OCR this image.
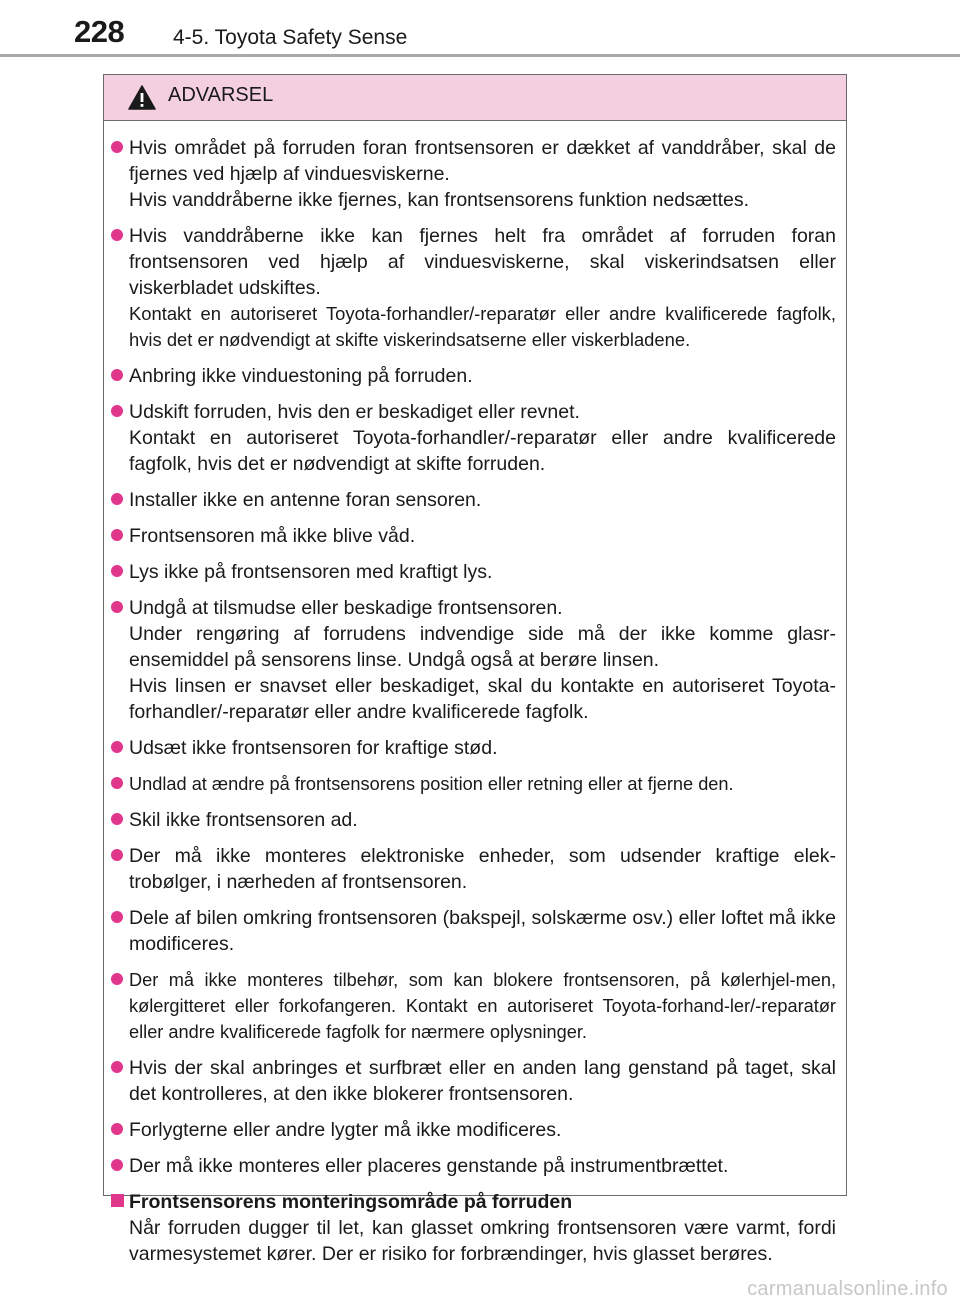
228 4-5. Toyota Safety Sense
ADVARSEL
Hvis området på forruden foran frontsensoren er dækket af vanddråber, skal de fjernes ved hjælp af vinduesviskerne.
Hvis vanddråberne ikke fjernes, kan frontsensorens funktion nedsættes.
Hvis vanddråberne ikke kan fjernes helt fra området af forruden foran frontsensoren ved hjælp af vinduesviskerne, skal viskerindsatsen eller viskerbladet udskiftes.
Kontakt en autoriseret Toyota-forhandler/-reparatør eller andre kvalificerede fagfolk, hvis det er nødvendigt at skifte viskerindsatserne eller viskerbladene.
Anbring ikke vinduestoning på forruden.
Udskift forruden, hvis den er beskadiget eller revnet.
Kontakt en autoriseret Toyota-forhandler/-reparatør eller andre kvalificerede fagfolk, hvis det er nødvendigt at skifte forruden.
Installer ikke en antenne foran sensoren.
Frontsensoren må ikke blive våd.
Lys ikke på frontsensoren med kraftigt lys.
Undgå at tilsmudse eller beskadige frontsensoren.
Under rengøring af forrudens indvendige side må der ikke komme glasr-ensemiddel på sensorens linse. Undgå også at berøre linsen.
Hvis linsen er snavset eller beskadiget, skal du kontakte en autoriseret Toyota-forhandler/-reparatør eller andre kvalificerede fagfolk.
Udsæt ikke frontsensoren for kraftige stød.
Undlad at ændre på frontsensorens position eller retning eller at fjerne den.
Skil ikke frontsensoren ad.
Der må ikke monteres elektroniske enheder, som udsender kraftige elek-trobølger, i nærheden af frontsensoren.
Dele af bilen omkring frontsensoren (bakspejl, solskærme osv.) eller loftet må ikke modificeres.
Der må ikke monteres tilbehør, som kan blokere frontsensoren, på kølerhjel-men, kølergitteret eller forkofangeren. Kontakt en autoriseret Toyota-forhand-ler/-reparatør eller andre kvalificerede fagfolk for nærmere oplysninger.
Hvis der skal anbringes et surfbræt eller en anden lang genstand på taget, skal det kontrolleres, at den ikke blokerer frontsensoren.
Forlygterne eller andre lygter må ikke modificeres.
Der må ikke monteres eller placeres genstande på instrumentbrættet.
Frontsensorens monteringsområde på forruden
Når forruden dugger til let, kan glasset omkring frontsensoren være varmt, fordi varmesystemet kører. Der er risiko for forbrændinger, hvis glasset berøres.
carmanualsonline.info
